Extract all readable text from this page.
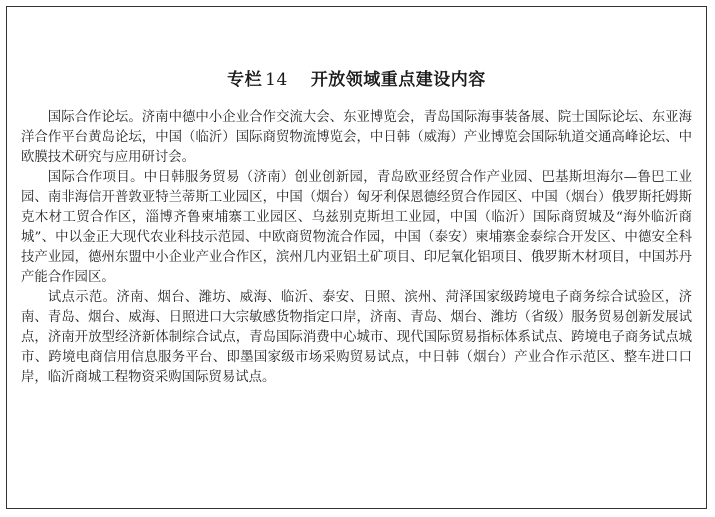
专栏 14 开放领域重点建设内容

国际合作论坛。济南中德中小企业合作交流大会、东亚博览会，青岛国际海事装备展、院士国际论坛、东亚海洋合作平台黄岛论坛，中国（临沂）国际商贸物流博览会，中日韩（威海）产业博览会国际轨道交通高峰论坛、中欧膜技术研究与应用研讨会。

国际合作项目。中日韩服务贸易（济南）创业创新园，青岛欧亚经贸合作产业园、巴基斯坦海尔—鲁巴工业园、南非海信开普敦亚特兰蒂斯工业园区，中国（烟台）匈牙利保恩德经贸合作园区、中国（烟台）俄罗斯托姆斯克木材工贸合作区，淄博齐鲁柬埔寨工业园区、乌兹别克斯坦工业园，中国（临沂）国际商贸城及“海外临沂商城”、中以金正大现代农业科技示范园、中欧商贸物流合作园，中国（泰安）柬埔寨金泰综合开发区、中德安全科技产业园，德州东盟中小企业产业合作区，滨州几内亚铝土矿项目、印尼氧化铝项目、俄罗斯木材项目，中国苏丹产能合作园区。

试点示范。济南、烟台、潍坊、威海、临沂、泰安、日照、滨州、菏泽国家级跨境电子商务综合试验区，济南、青岛、烟台、威海、日照进口大宗敏感货物指定口岸，济南、青岛、烟台、潍坊（省级）服务贸易创新发展试点，济南开放型经济新体制综合试点，青岛国际消费中心城市、现代国际贸易指标体系试点、跨境电子商务试点城市、跨境电商信用信息服务平台、即墨国家级市场采购贸易试点，中日韩（烟台）产业合作示范区、整车进口口岸，临沂商城工程物资采购国际贸易试点。
